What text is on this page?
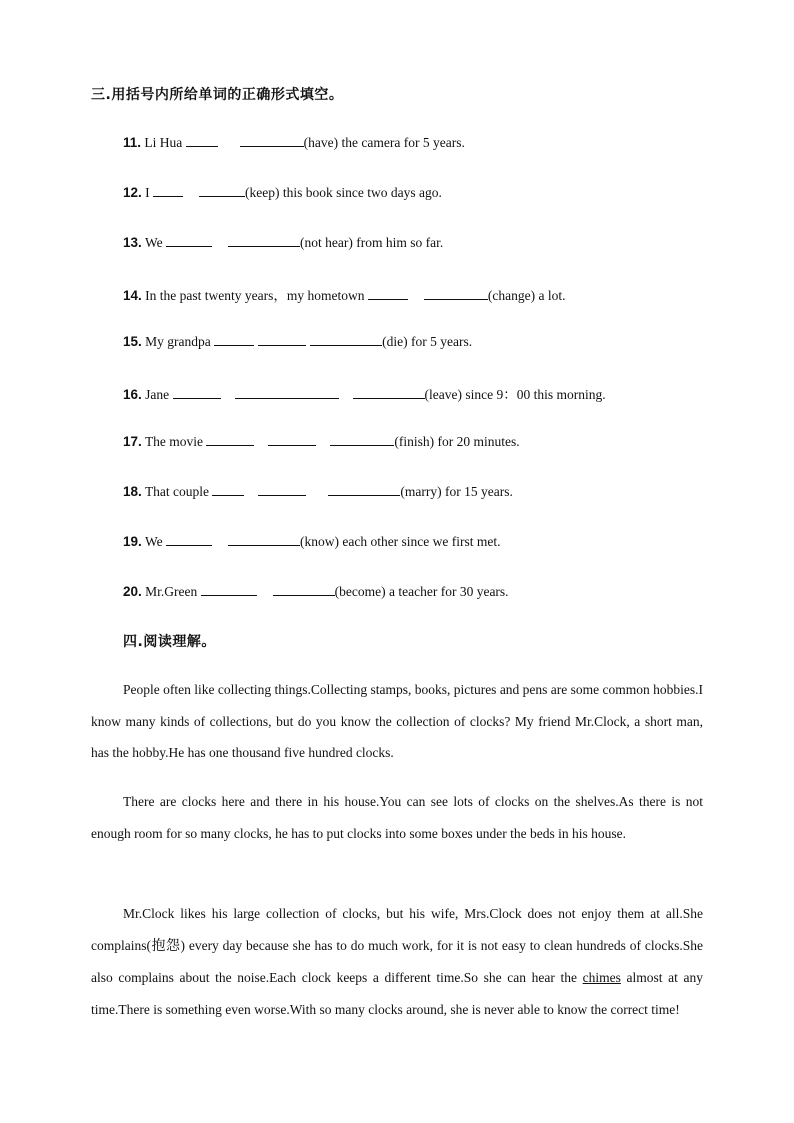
三.用括号内所给单词的正确形式填空。
11. Li Hua	(have) the camera for 5 years.
12. I	(keep) this book since two days ago.
13. We	(not hear) from him so far.
14. In the past twenty years，my hometown	(change) a lot.
15. My grandpa	(die) for 5 years.
16. Jane	(leave) since 9：00 this morning.
17. The movie	(finish) for 20 minutes.
18. That couple	(marry) for 15 years.
19. We	(know) each other since we first met.
20. Mr.Green	(become) a teacher for 30 years.
四.阅读理解。
People often like collecting things.Collecting stamps, books, pictures and pens are some common hobbies.I know many kinds of collections, but do you know the collection of clocks? My friend Mr.Clock, a short man, has the hobby.He has one thousand five hundred clocks.
There are clocks here and there in his house.You can see lots of clocks on the shelves.As there is not enough room for so many clocks, he has to put clocks into some boxes under the beds in his house.
Mr.Clock likes his large collection of clocks, but his wife, Mrs.Clock does not enjoy them at all.She complains(抱怨) every day because she has to do much work, for it is not easy to clean hundreds of clocks.She also complains about the noise.Each clock keeps a different time.So she can hear the chimes almost at any time.There is something even worse.With so many clocks around, she is never able to know the correct time!
